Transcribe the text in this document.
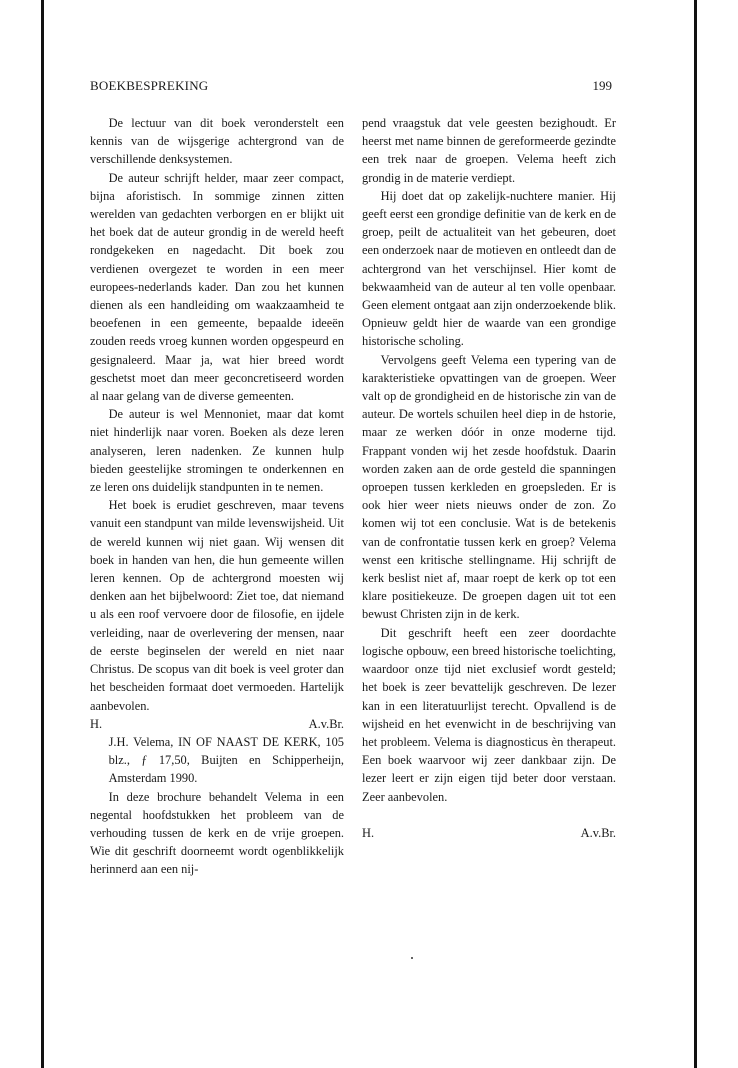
BOEKBESPREKING	199

De lectuur van dit boek veronderstelt een kennis van de wijsgerige achtergrond van de verschillende denksystemen.

De auteur schrijft helder, maar zeer compact, bijna aforistisch. In sommige zinnen zitten werelden van gedachten verborgen en er blijkt uit het boek dat de auteur grondig in de wereld heeft rondgekeken en nagedacht. Dit boek zou verdienen overgezet te worden in een meer europees-nederlands kader. Dan zou het kunnen dienen als een handleiding om waakzaamheid te beoefenen in een gemeente, bepaalde ideeën zouden reeds vroeg kunnen worden opgespeurd en gesignaleerd. Maar ja, wat hier breed wordt geschetst moet dan meer geconcretiseerd worden al naar gelang van de diverse gemeenten.

De auteur is wel Mennoniet, maar dat komt niet hinderlijk naar voren. Boeken als deze leren analyseren, leren nadenken. Ze kunnen hulp bieden geestelijke stromingen te onderkennen en ze leren ons duidelijk standpunten in te nemen.

Het boek is erudiet geschreven, maar tevens vanuit een standpunt van milde levenswijsheid. Uit de wereld kunnen wij niet gaan. Wij wensen dit boek in handen van hen, die hun gemeente willen leren kennen. Op de achtergrond moesten wij denken aan het bijbelwoord: Ziet toe, dat niemand u als een roof vervoere door de filosofie, en ijdele verleiding, naar de overlevering der mensen, naar de eerste beginselen der wereld en niet naar Christus. De scopus van dit boek is veel groter dan het bescheiden formaat doet vermoeden. Hartelijk aanbevolen.

H.	A.v.Br.

J.H. Velema, IN OF NAAST DE KERK, 105 blz., ƒ 17,50, Buijten en Schipperheijn, Amsterdam 1990.

In deze brochure behandelt Velema in een negental hoofdstukken het probleem van de verhouding tussen de kerk en de vrije groepen. Wie dit geschrift doorneemt wordt ogenblikkelijk herinnerd aan een nij-

pend vraagstuk dat vele geesten bezighoudt. Er heerst met name binnen de gereformeerde gezindte een trek naar de groepen. Velema heeft zich grondig in de materie verdiept.

Hij doet dat op zakelijk-nuchtere manier. Hij geeft eerst een grondige definitie van de kerk en de groep, peilt de actualiteit van het gebeuren, doet een onderzoek naar de motieven en ontleedt dan de achtergrond van het verschijnsel. Hier komt de bekwaamheid van de auteur al ten volle openbaar. Geen element ontgaat aan zijn onderzoekende blik. Opnieuw geldt hier de waarde van een grondige historische scholing.

Vervolgens geeft Velema een typering van de karakteristieke opvattingen van de groepen. Weer valt op de grondigheid en de historische zin van de auteur. De wortels schuilen heel diep in de hstorie, maar ze werken dóór in onze moderne tijd. Frappant vonden wij het zesde hoofdstuk. Daarin worden zaken aan de orde gesteld die spanningen oproepen tussen kerkleden en groepsleden. Er is ook hier weer niets nieuws onder de zon. Zo komen wij tot een conclusie. Wat is de betekenis van de confrontatie tussen kerk en groep? Velema wenst een kritische stellingname. Hij schrijft de kerk beslist niet af, maar roept de kerk op tot een klare positiekeuze. De groepen dagen uit tot een bewust Christen zijn in de kerk.

Dit geschrift heeft een zeer doordachte logische opbouw, een breed historische toelichting, waardoor onze tijd niet exclusief wordt gesteld; het boek is zeer bevattelijk geschreven. De lezer kan in een literatuurlijst terecht. Opvallend is de wijsheid en het evenwicht in de beschrijving van het probleem. Velema is diagnosticus èn therapeut. Een boek waarvoor wij zeer dankbaar zijn. De lezer leert er zijn eigen tijd beter door verstaan. Zeer aanbevolen.

H.	A.v.Br.
